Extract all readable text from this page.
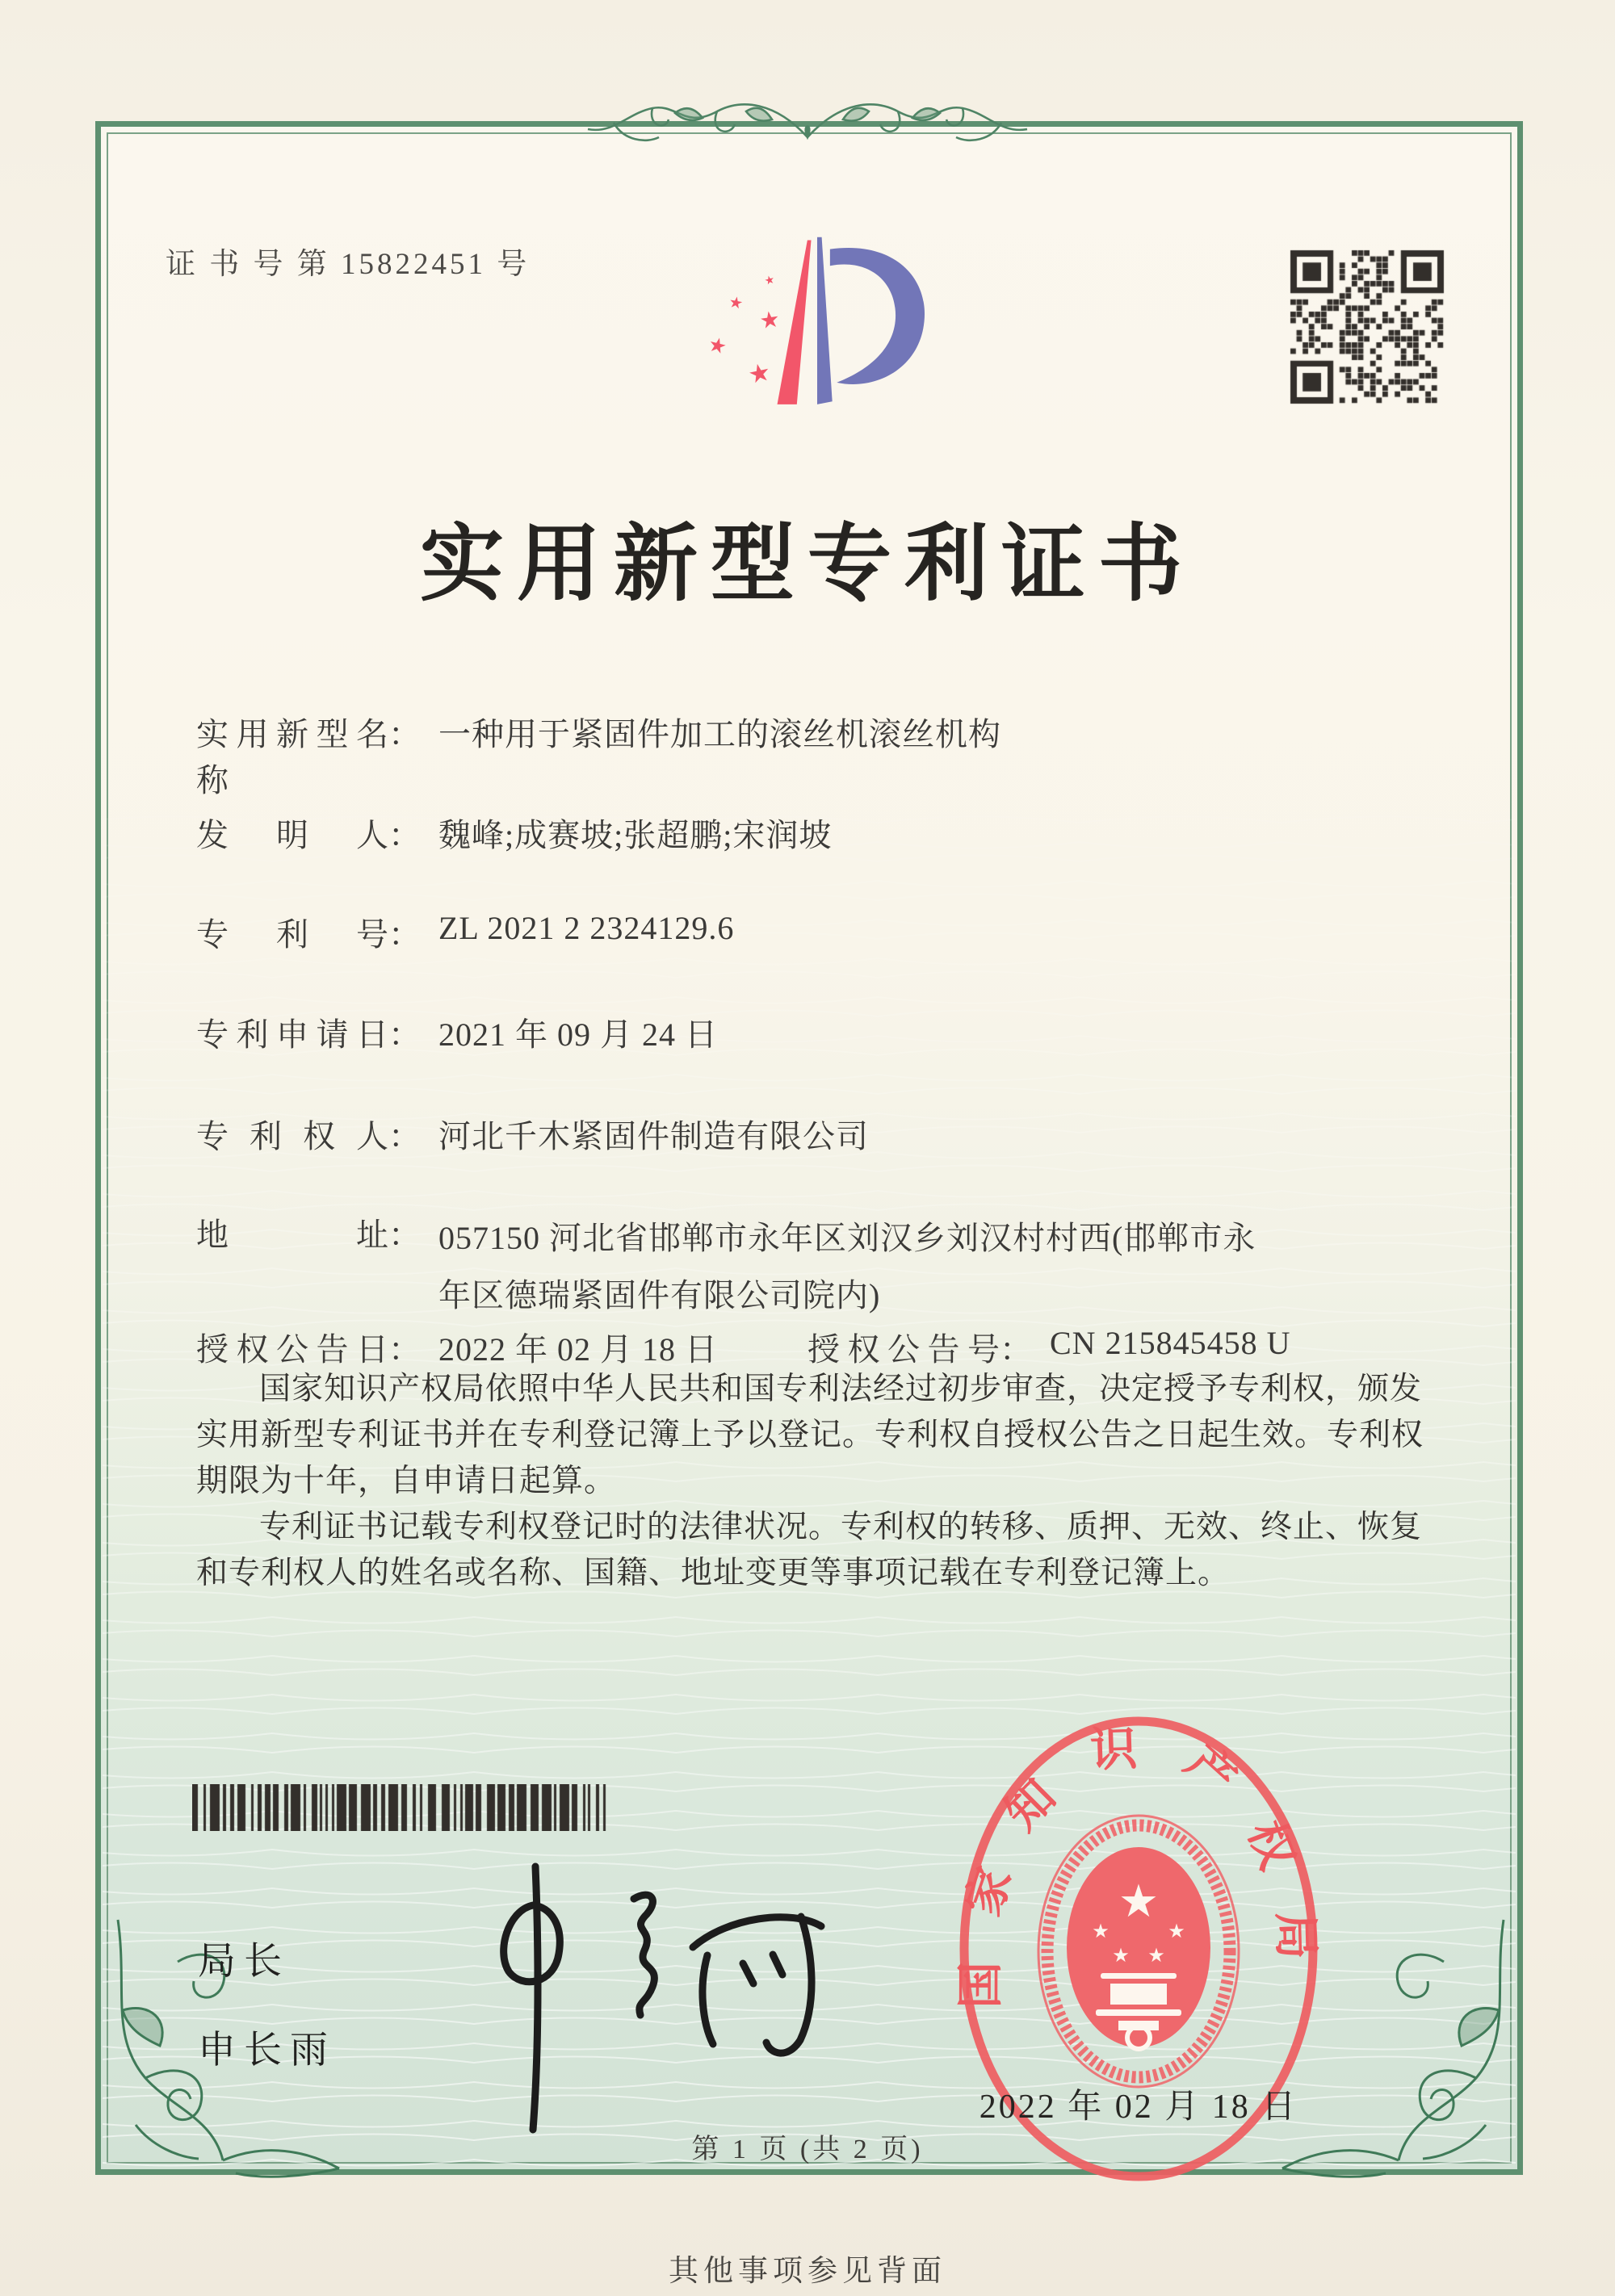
证 书 号 第 15822451 号	★
★
★
★
★
实用新型专利证书
实用新型名称： 一种用于紧固件加工的滚丝机滚丝机构
发明人： 魏峰;成赛坡;张超鹏;宋润坡
专利号： ZL 2021 2 2324129.6
专利申请日： 2021 年 09 月 24 日
专利权人： 河北千木紧固件制造有限公司
地址： 057150 河北省邯郸市永年区刘汉乡刘汉村村西(邯郸市永
年区德瑞紧固件有限公司院内)
授权公告日： 2022 年 02 月 18 日	授权公告号： CN 215845458 U

国家知识产权局依照中华人民共和国专利法经过初步审查，决定授予专利权，颁发实用新型专利证书并在专利登记簿上予以登记。专利权自授权公告之日起生效。专利权期限为十年，自申请日起算。

专利证书记载专利权登记时的法律状况。专利权的转移、质押、无效、终止、恢复和专利权人的姓名或名称、国籍、地址变更等事项记载在专利登记簿上。

局长
申长雨
国家知识产权局
★
★	★
★ ★
2022 年 02 月 18 日
第 1 页 (共 2 页)
其他事项参见背面
